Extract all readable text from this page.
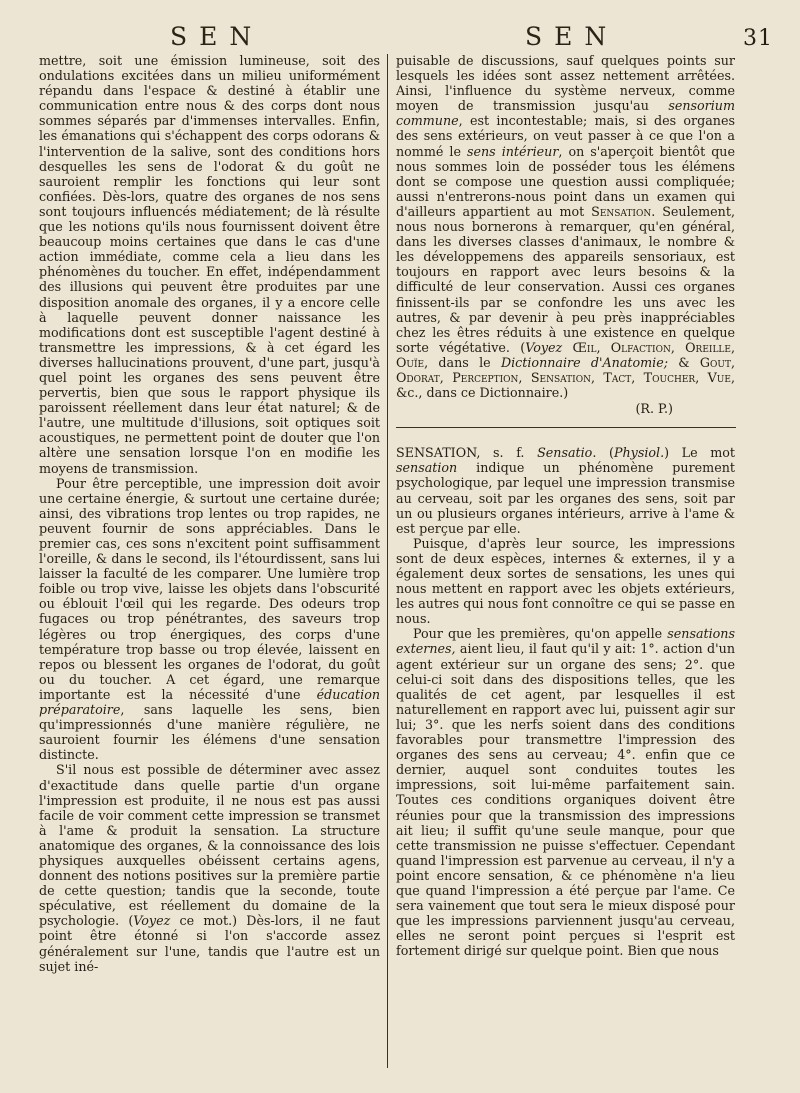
SEN	SEN	31

mettre, soit une émission lumineuse, soit des ondulations excitées dans un milieu uniformément répandu dans l'espace & destiné à établir une communication entre nous & des corps dont nous sommes séparés par d'immenses intervalles. Enfin, les émanations qui s'échappent des corps odorans & l'intervention de la salive, sont des conditions hors desquelles les sens de l'odorat & du goût ne sauroient remplir les fonctions qui leur sont confiées. Dès-lors, quatre des organes de nos sens sont toujours influencés médiatement; de là résulte que les notions qu'ils nous fournissent doivent être beaucoup moins certaines que dans le cas d'une action immédiate, comme cela a lieu dans les phénomènes du toucher. En effet, indépendamment des illusions qui peuvent être produites par une disposition anomale des organes, il y a encore celle à laquelle peuvent donner naissance les modifications dont est susceptible l'agent destiné à transmettre les impressions, & à cet égard les diverses hallucinations prouvent, d'une part, jusqu'à quel point les organes des sens peuvent être pervertis, bien que sous le rapport physique ils paroissent réellement dans leur état naturel; & de l'autre, une multitude d'illusions, soit optiques soit acoustiques, ne permettent point de douter que l'on altère une sensation lorsque l'on en modifie les moyens de transmission.

Pour être perceptible, une impression doit avoir une certaine énergie, & surtout une certaine durée; ainsi, des vibrations trop lentes ou trop rapides, ne peuvent fournir de sons appréciables. Dans le premier cas, ces sons n'excitent point suffisamment l'oreille, & dans le second, ils l'étourdissent, sans lui laisser la faculté de les comparer. Une lumière trop foible ou trop vive, laisse les objets dans l'obscurité ou éblouit l'œil qui les regarde. Des odeurs trop fugaces ou trop pénétrantes, des saveurs trop légères ou trop énergiques, des corps d'une température trop basse ou trop élevée, laissent en repos ou blessent les organes de l'odorat, du goût ou du toucher. A cet égard, une remarque importante est la nécessité d'une éducation préparatoire, sans laquelle les sens, bien qu'impressionnés d'une manière régulière, ne sauroient fournir les élémens d'une sensation distincte.

S'il nous est possible de déterminer avec assez d'exactitude dans quelle partie d'un organe l'impression est produite, il ne nous est pas aussi facile de voir comment cette impression se transmet à l'ame & produit la sensation. La structure anatomique des organes, & la connoissance des lois physiques auxquelles obéissent certains agens, donnent des notions positives sur la première partie de cette question; tandis que la seconde, toute spéculative, est réellement du domaine de la psychologie. (Voyez ce mot.) Dès-lors, il ne faut point être étonné si l'on s'accorde assez généralement sur l'une, tandis que l'autre est un sujet iné-

puisable de discussions, sauf quelques points sur lesquels les idées sont assez nettement arrêtées. Ainsi, l'influence du système nerveux, comme moyen de transmission jusqu'au sensorium commune, est incontestable; mais, si des organes des sens extérieurs, on veut passer à ce que l'on a nommé le sens intérieur, on s'aperçoit bientôt que nous sommes loin de posséder tous les élémens dont se compose une question aussi compliquée; aussi n'entrerons-nous point dans un examen qui d'ailleurs appartient au mot Sensation. Seulement, nous nous bornerons à remarquer, qu'en général, dans les diverses classes d'animaux, le nombre & les développemens des appareils sensoriaux, est toujours en rapport avec leurs besoins & la difficulté de leur conservation. Aussi ces organes finissent-ils par se confondre les uns avec les autres, & par devenir à peu près inappréciables chez les êtres réduits à une existence en quelque sorte végétative. (Voyez Œil, Olfaction, Oreille, Ouïe, dans le Dictionnaire d'Anatomie; & Gout, Odorat, Perception, Sensation, Tact, Toucher, Vue, &c., dans ce Dictionnaire.)

(R. P.)

SENSATION, s. f. Sensatio. (Physiol.) Le mot sensation indique un phénomène purement psychologique, par lequel une impression transmise au cerveau, soit par les organes des sens, soit par un ou plusieurs organes intérieurs, arrive à l'ame & est perçue par elle.

Puisque, d'après leur source, les impressions sont de deux espèces, internes & externes, il y a également deux sortes de sensations, les unes qui nous mettent en rapport avec les objets extérieurs, les autres qui nous font connoître ce qui se passe en nous.

Pour que les premières, qu'on appelle sensations externes, aient lieu, il faut qu'il y ait: 1°. action d'un agent extérieur sur un organe des sens; 2°. que celui-ci soit dans des dispositions telles, que les qualités de cet agent, par lesquelles il est naturellement en rapport avec lui, puissent agir sur lui; 3°. que les nerfs soient dans des conditions favorables pour transmettre l'impression des organes des sens au cerveau; 4°. enfin que ce dernier, auquel sont conduites toutes les impressions, soit lui-même parfaitement sain. Toutes ces conditions organiques doivent être réunies pour que la transmission des impressions ait lieu; il suffit qu'une seule manque, pour que cette transmission ne puisse s'effectuer. Cependant quand l'impression est parvenue au cerveau, il n'y a point encore sensation, & ce phénomène n'a lieu que quand l'impression a été perçue par l'ame. Ce sera vainement que tout sera le mieux disposé pour que les impressions parviennent jusqu'au cerveau, elles ne seront point perçues si l'esprit est fortement dirigé sur quelque point. Bien que nous
